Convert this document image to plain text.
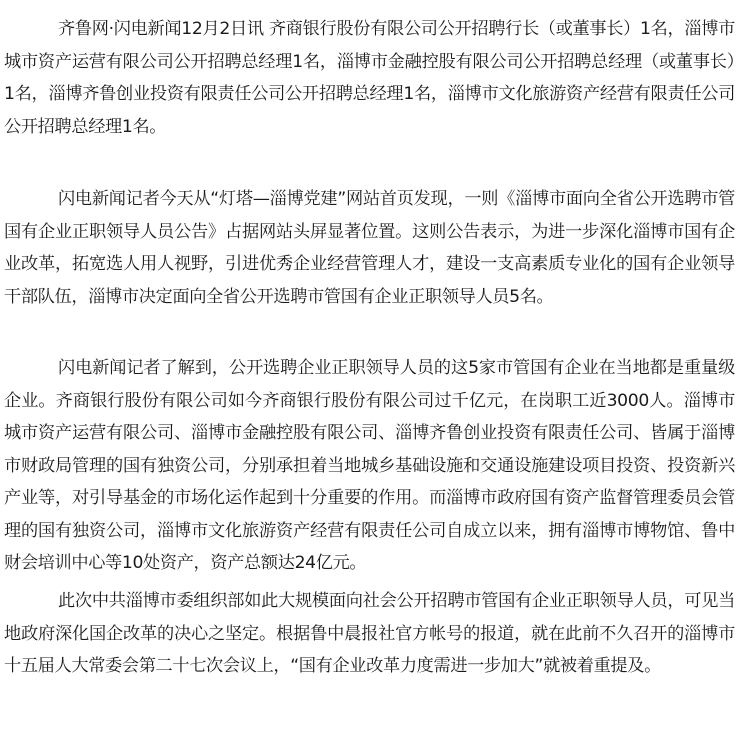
齐鲁网·闪电新闻12月2日讯 齐商银行股份有限公司公开招聘行长（或董事长）1名，淄博市城市资产运营有限公司公开招聘总经理1名，淄博市金融控股有限公司公开招聘总经理（或董事长）1名，淄博齐鲁创业投资有限责任公司公开招聘总经理1名，淄博市文化旅游资产经营有限责任公司公开招聘总经理1名。

闪电新闻记者今天从“灯塔—淄博党建”网站首页发现，一则《淄博市面向全省公开选聘市管国有企业正职领导人员公告》占据网站头屏显著位置。这则公告表示，为进一步深化淄博市国有企业改革，拓宽选人用人视野，引进优秀企业经营管理人才，建设一支高素质专业化的国有企业领导干部队伍，淄博市决定面向全省公开选聘市管国有企业正职领导人员5名。

闪电新闻记者了解到，公开选聘企业正职领导人员的这5家市管国有企业在当地都是重量级企业。齐商银行股份有限公司如今齐商银行股份有限公司过千亿元，在岗职工近3000人。淄博市城市资产运营有限公司、淄博市金融控股有限公司、淄博齐鲁创业投资有限责任公司、皆属于淄博市财政局管理的国有独资公司，分别承担着当地城乡基础设施和交通设施建设项目投资、投资新兴产业等，对引导基金的市场化运作起到十分重要的作用。而淄博市政府国有资产监督管理委员会管理的国有独资公司，淄博市文化旅游资产经营有限责任公司自成立以来，拥有淄博市博物馆、鲁中财会培训中心等10处资产，资产总额达24亿元。

此次中共淄博市委组织部如此大规模面向社会公开招聘市管国有企业正职领导人员，可见当地政府深化国企改革的决心之坚定。根据鲁中晨报社官方帐号的报道，就在此前不久召开的淄博市十五届人大常委会第二十七次会议上，“国有企业改革力度需进一步加大”就被着重提及。
